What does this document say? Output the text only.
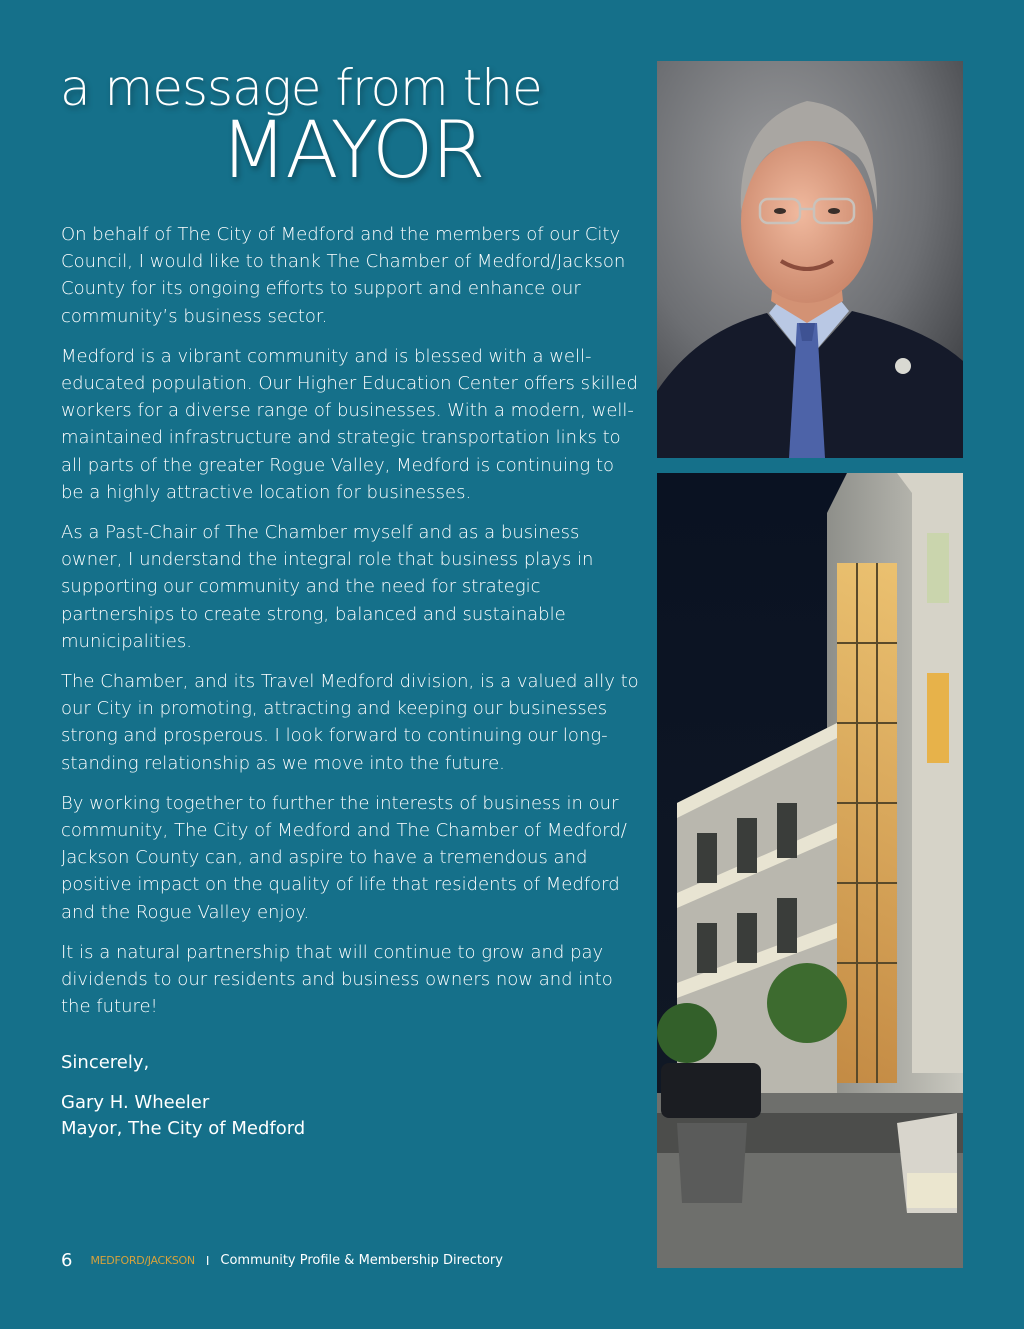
a message from the
MAYOR

On behalf of The City of Medford and the members of our City Council, I would like to thank The Chamber of Medford/Jackson County for its ongoing efforts to support and enhance our community’s business sector.

Medford is a vibrant community and is blessed with a well-educated population. Our Higher Education Center offers skilled workers for a diverse range of businesses. With a modern, well-maintained infrastructure and strategic transportation links to all parts of the greater Rogue Valley, Medford is continuing to be a highly attractive location for businesses.

As a Past-Chair of The Chamber myself and as a business owner, I understand the integral role that business plays in supporting our community and the need for strategic partnerships to create strong, balanced and sustainable municipalities.

The Chamber, and its Travel Medford division, is a valued ally to our City in promoting, attracting and keeping our businesses strong and prosperous. I look forward to continuing our long-standing relationship as we move into the future.

By working together to further the interests of business in our community, The City of Medford and The Chamber of Medford/ Jackson County can, and aspire to have a tremendous and positive impact on the quality of life that residents of Medford and the Rogue Valley enjoy.

It is a natural partnership that will continue to grow and pay dividends to our residents and business owners now and into the future!

Sincerely,
Gary H. Wheeler
Mayor, The City of Medford
6 MEDFORD/JACKSON I Community Profile & Membership Directory
